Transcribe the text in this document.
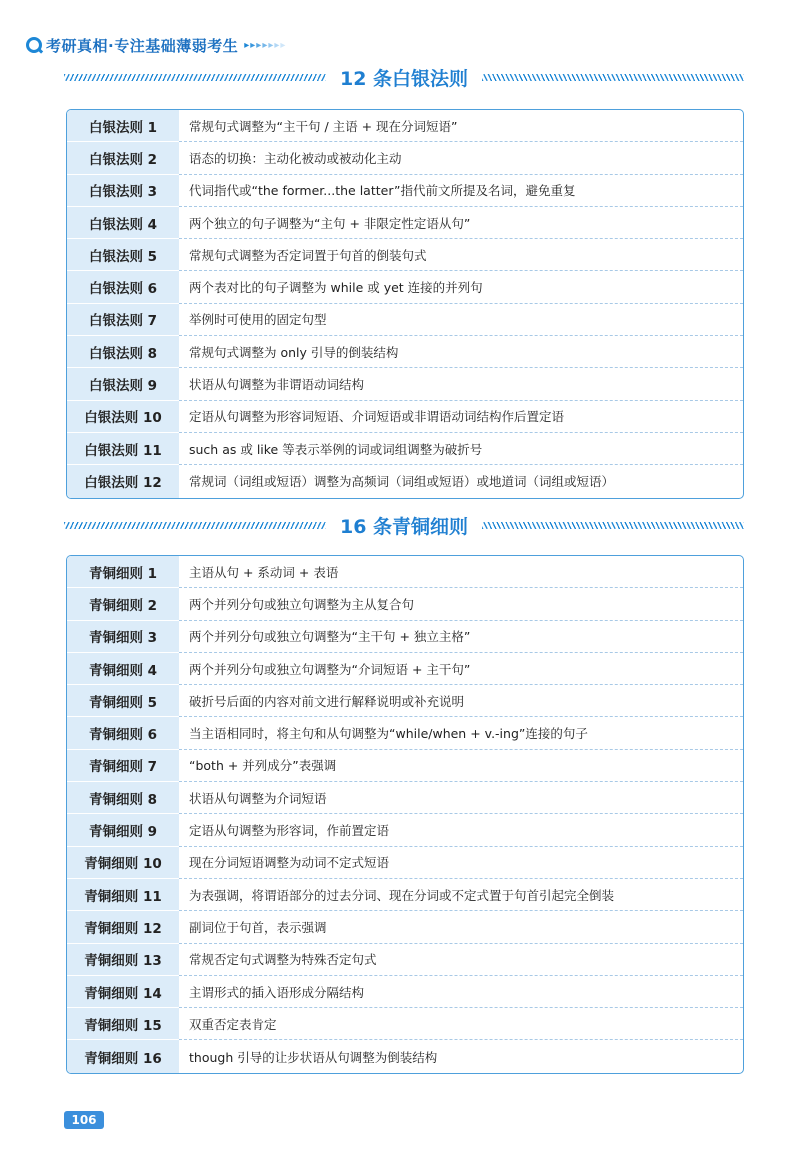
考研真相· 专注基础薄弱考生 ▸▸▸▸▸▸▸
12 条白银法则
白银法则 1	常规句式调整为“主干句 / 主语 + 现在分词短语”
白银法则 2	语态的切换：主动化被动或被动化主动
白银法则 3	代词指代或“the former...the latter”指代前文所提及名词，避免重复
白银法则 4	两个独立的句子调整为“主句 + 非限定性定语从句”
白银法则 5	常规句式调整为否定词置于句首的倒装句式
白银法则 6	两个表对比的句子调整为 while 或 yet 连接的并列句
白银法则 7	举例时可使用的固定句型
白银法则 8	常规句式调整为 only 引导的倒装结构
白银法则 9	状语从句调整为非谓语动词结构
白银法则 10	定语从句调整为形容词短语、介词短语或非谓语动词结构作后置定语
白银法则 11	such as 或 like 等表示举例的词或词组调整为破折号
白银法则 12	常规词（词组或短语）调整为高频词（词组或短语）或地道词（词组或短语）
16 条青铜细则
青铜细则 1	主语从句 + 系动词 + 表语
青铜细则 2	两个并列分句或独立句调整为主从复合句
青铜细则 3	两个并列分句或独立句调整为“主干句 + 独立主格”
青铜细则 4	两个并列分句或独立句调整为“介词短语 + 主干句”
青铜细则 5	破折号后面的内容对前文进行解释说明或补充说明
青铜细则 6	当主语相同时，将主句和从句调整为“while/when + v.-ing”连接的句子
青铜细则 7	“both + 并列成分”表强调
青铜细则 8	状语从句调整为介词短语
青铜细则 9	定语从句调整为形容词，作前置定语
青铜细则 10	现在分词短语调整为动词不定式短语
青铜细则 11	为表强调，将谓语部分的过去分词、现在分词或不定式置于句首引起完全倒装
青铜细则 12	副词位于句首，表示强调
青铜细则 13	常规否定句式调整为特殊否定句式
青铜细则 14	主谓形式的插入语形成分隔结构
青铜细则 15	双重否定表肯定
青铜细则 16	though 引导的让步状语从句调整为倒装结构
106
